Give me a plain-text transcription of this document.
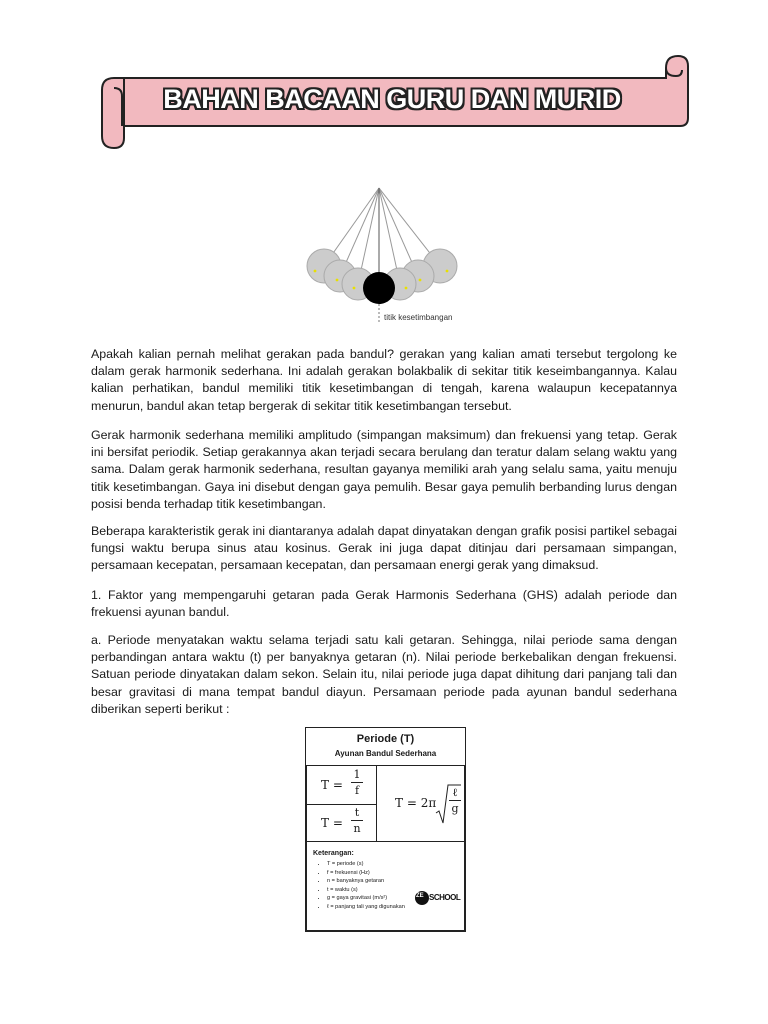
BAHAN BACAAN GURU DAN MURID
titik kesetimbangan

Apakah kalian pernah melihat gerakan pada bandul? gerakan yang kalian amati tersebut tergolong ke dalam gerak harmonik sederhana. Ini adalah gerakan bolakbalik di sekitar titik keseimbangannya. Kalau kalian perhatikan, bandul memiliki titik kesetimbangan di tengah, karena walaupun kecepatannya menurun, bandul akan tetap bergerak di sekitar titik kesetimbangan tersebut.

Gerak harmonik sederhana memiliki amplitudo (simpangan maksimum) dan frekuensi yang tetap. Gerak ini bersifat periodik. Setiap gerakannya akan terjadi secara berulang dan teratur dalam selang waktu yang sama. Dalam gerak harmonik sederhana, resultan gayanya memiliki arah yang selalu sama, yaitu menuju titik kesetimbangan. Gaya ini disebut dengan gaya pemulih. Besar gaya pemulih berbanding lurus dengan posisi benda terhadap titik kesetimbangan.

Beberapa karakteristik gerak ini diantaranya adalah dapat dinyatakan dengan grafik posisi partikel sebagai fungsi waktu berupa sinus atau kosinus. Gerak ini juga dapat ditinjau dari persamaan simpangan, persamaan kecepatan, persamaan kecepatan, dan persamaan energi gerak yang dimaksud.

1. Faktor yang mempengaruhi getaran pada Gerak Harmonis Sederhana (GHS) adalah periode dan frekuensi ayunan bandul.

a. Periode menyatakan waktu selama terjadi satu kali getaran. Sehingga, nilai periode sama dengan perbandingan antara waktu (t) per banyaknya getaran (n). Nilai periode berkebalikan dengan frekuensi. Satuan periode dinyatakan dalam sekon. Selain itu, nilai periode juga dapat dihitung dari panjang tali dan besar gravitasi di mana tempat bandul diayun. Persamaan periode pada ayunan bandul sederhana diberikan seperti berikut :

Periode (T)
Ayunan Bandul Sederhana
T =
1
f
T =
t
n
T = 2π
ℓ
g
Keterangan:
• T = periode (s)
• f = frekuensi (Hz)
• n = banyaknya getaran
• t = waktu (s)
• g = gaya gravitasi (m/s²)
• ℓ = panjang tali yang digunakan
ZE SCHOOL
